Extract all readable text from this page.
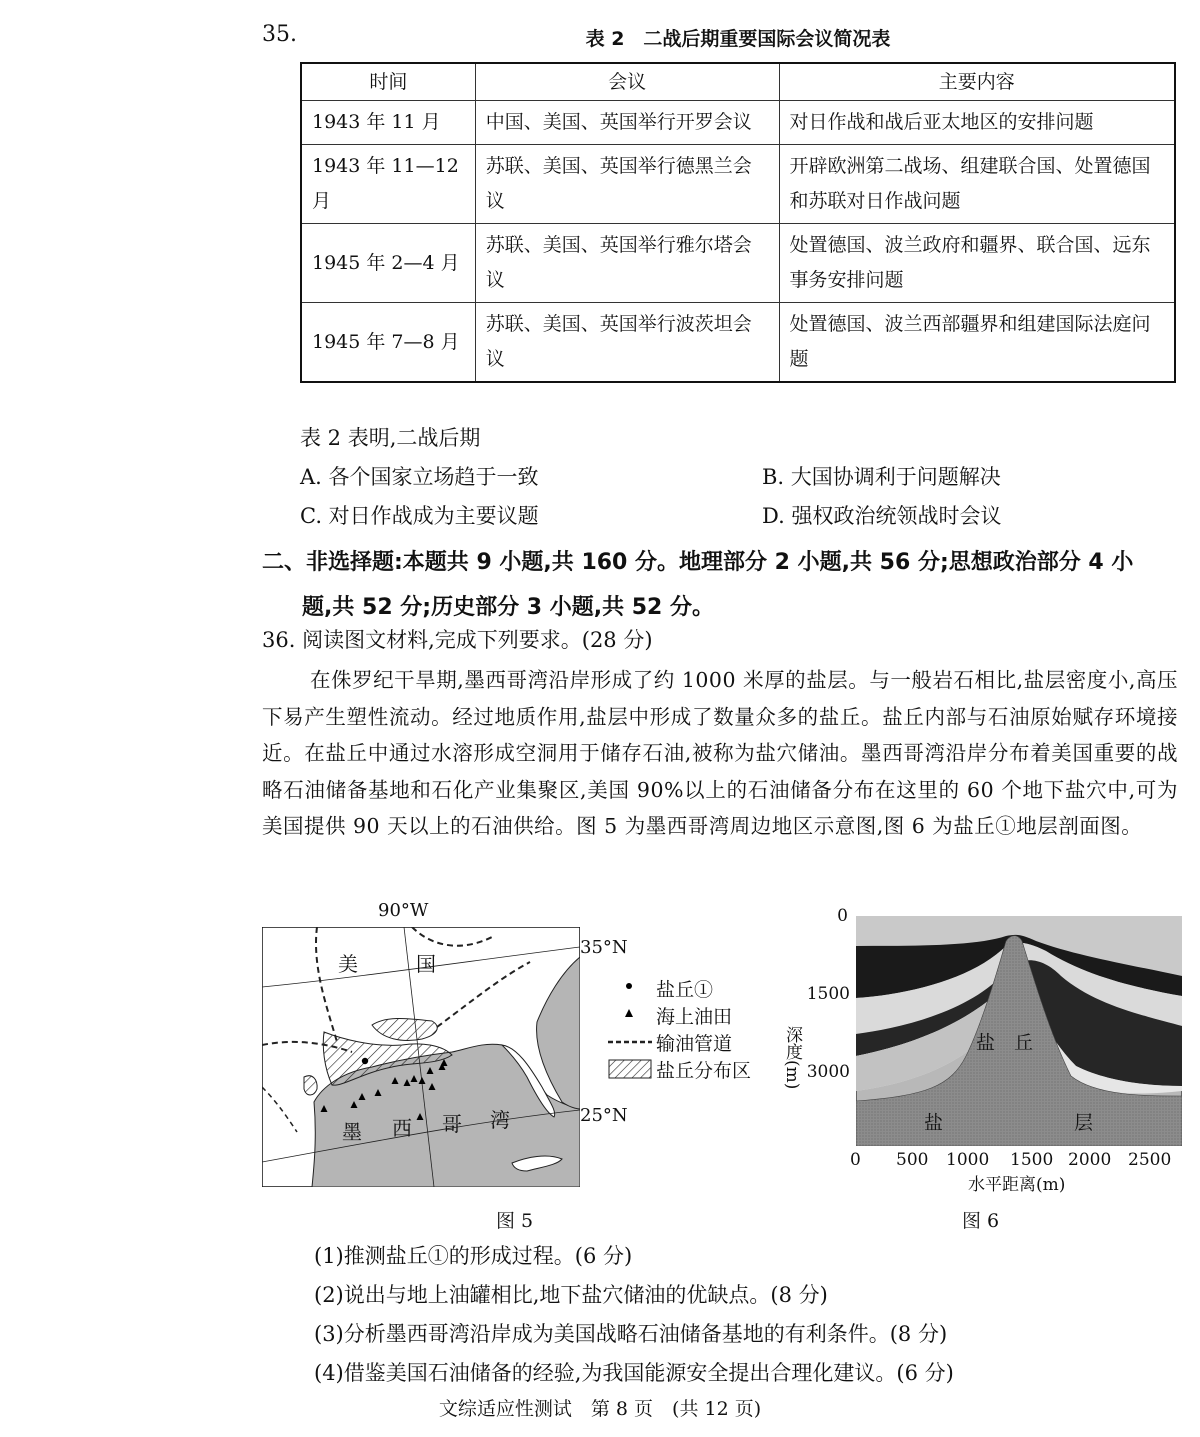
35.	表 2　二战后期重要国际会议简况表
时间	会议	主要内容
1943 年 11 月	中国、美国、英国举行开罗会议	对日作战和战后亚太地区的安排问题
1943 年 11—12 月	苏联、美国、英国举行德黑兰会议	开辟欧洲第二战场、组建联合国、处置德国和苏联对日作战问题
1945 年 2—4 月	苏联、美国、英国举行雅尔塔会议	处置德国、波兰政府和疆界、联合国、远东事务安排问题
1945 年 7—8 月	苏联、美国、英国举行波茨坦会议	处置德国、波兰西部疆界和组建国际法庭问题
表 2 表明,二战后期
A. 各个国家立场趋于一致	B. 大国协调利于问题解决
C. 对日作战成为主要议题	D. 强权政治统领战时会议
二、非选择题:本题共 9 小题,共 160 分。地理部分 2 小题,共 56 分;思想政治部分 4 小
题,共 52 分;历史部分 3 小题,共 52 分。
36. 阅读图文材料,完成下列要求。(28 分)
在侏罗纪干旱期,墨西哥湾沿岸形成了约 1000 米厚的盐层。与一般岩石相比,盐层密度小,高压下易产生塑性流动。经过地质作用,盐层中形成了数量众多的盐丘。盐丘内部与石油原始赋存环境接近。在盐丘中通过水溶形成空洞用于储存石油,被称为盐穴储油。墨西哥湾沿岸分布着美国重要的战略石油储备基地和石化产业集聚区,美国 90%以上的石油储备分布在这里的 60 个地下盐穴中,可为美国提供 90 天以上的石油供给。图 5 为墨西哥湾周边地区示意图,图 6 为盐丘①地层剖面图。
90°W
35°N
25°N
美	国
墨 西 哥 湾
盐丘①
海上油田
输油管道
盐丘分布区
图 5
0
1500
3000
深度(m)
0 500 1000 1500 2000 2500
水平距离(m)
盐　丘
盐	层
图 6
(1)推测盐丘①的形成过程。(6 分)
(2)说出与地上油罐相比,地下盐穴储油的优缺点。(8 分)
(3)分析墨西哥湾沿岸成为美国战略石油储备基地的有利条件。(8 分)
(4)借鉴美国石油储备的经验,为我国能源安全提出合理化建议。(6 分)
文综适应性测试　第 8 页　(共 12 页)
